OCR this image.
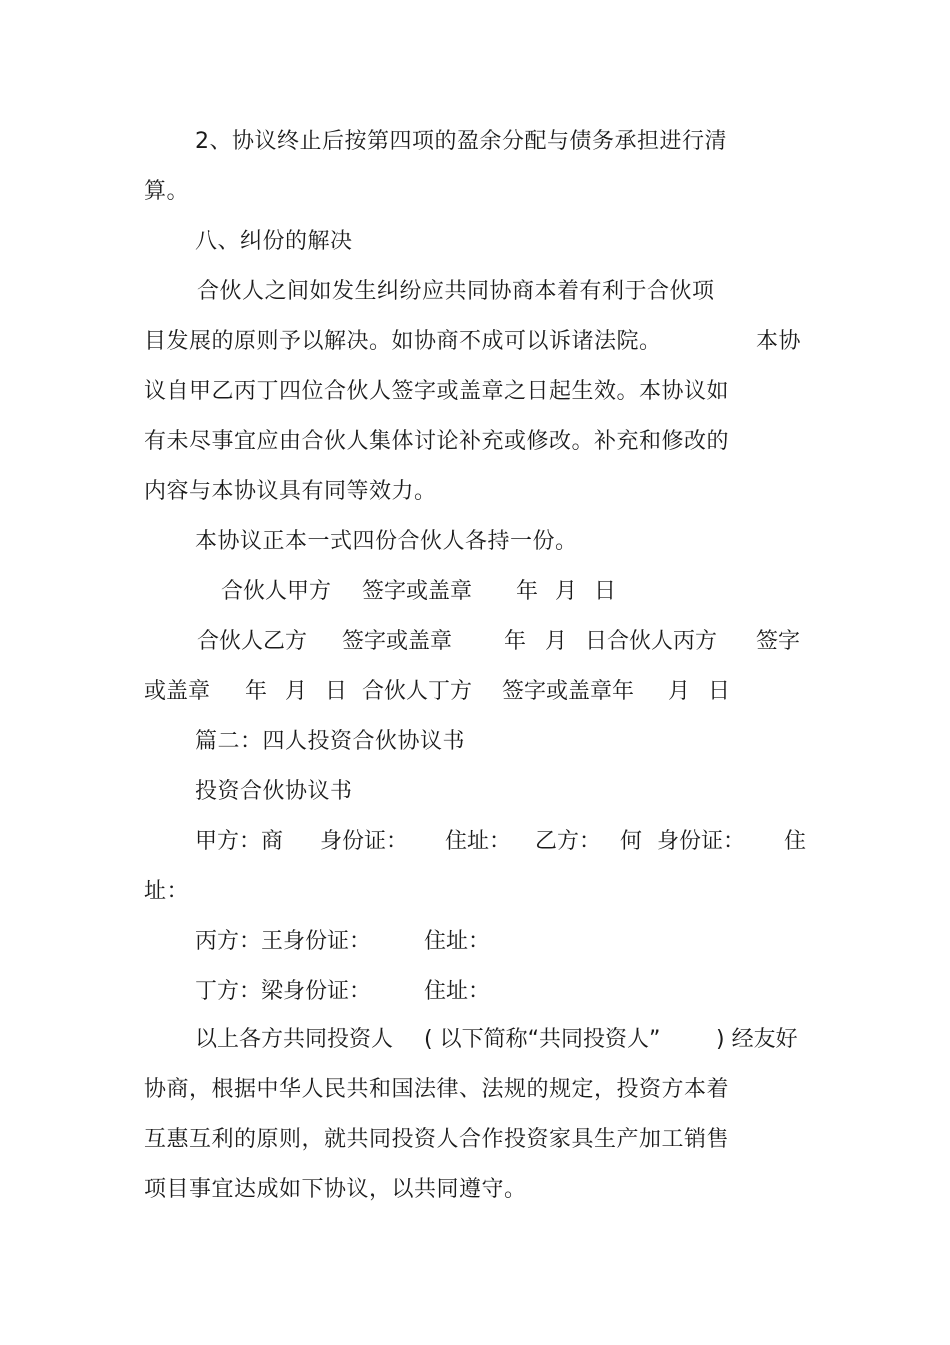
2、协议终止后按第四项的盈余分配与债务承担进行清
算。
八、纠份的解决
合伙人之间如发生纠纷应共同协商本着有利于合伙项
目发展的原则予以解决。如协商不成可以诉诸法院。	本协
议自甲乙丙丁四位合伙人签字或盖章之日起生效。本协议如
有未尽事宜应由合伙人集体讨论补充或修改。补充和修改的
内容与本协议具有同等效力。
本协议正本一式四份合伙人各持一份。
合伙人甲方 签字或盖章 年 月 日
合伙人乙方 签字或盖章 年 月 日合伙人丙方 签字
或盖章 年 月 日 合伙人丁方 签字或盖章年 月 日
篇二：四人投资合伙协议书
投资合伙协议书
甲方：商 身份证： 住址： 乙方： 何 身份证： 住
址：
丙方：王身份证： 住址：
丁方：梁身份证： 住址：
以上各方共同投资人 ( 以下简称“共同投资人”	) 经友好
协商，根据中华人民共和国法律、法规的规定，投资方本着
互惠互利的原则，就共同投资人合作投资家具生产加工销售
项目事宜达成如下协议，以共同遵守。
